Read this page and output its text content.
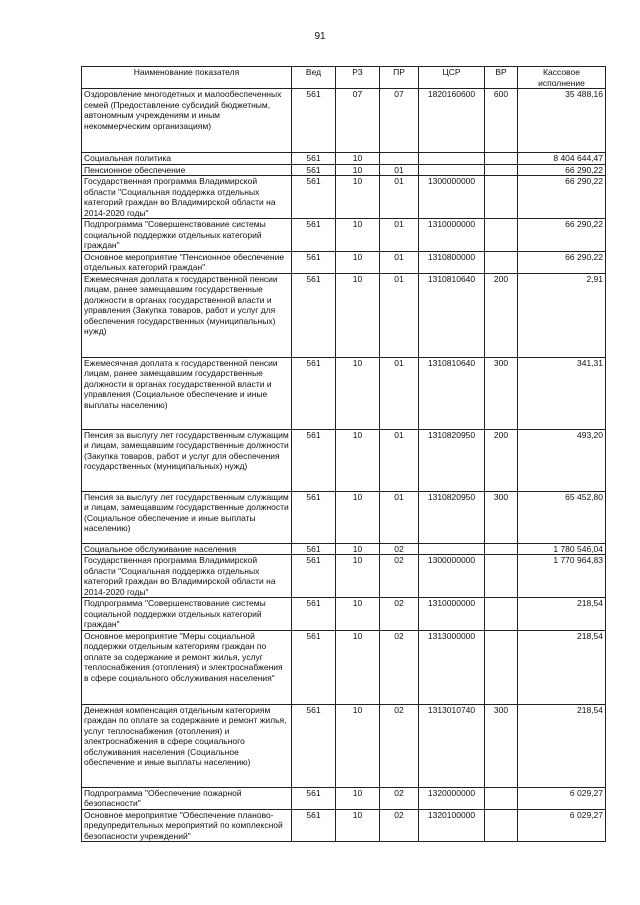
91
Наименование показателя	Вед	РЗ	ПР	ЦСР	ВР	Кассовое исполнение
Оздоровление многодетных и малообеспеченных семей (Предоставление субсидий бюджетным, автономным учреждениям и иным некоммерческим организациям)	561	07	07	1820160600	600	35 488,16
Социальная политика	561	10				8 404 644,47
Пенсионное обеспечение	561	10	01			66 290,22
Государственная программа Владимирской области "Социальная поддержка отдельных категорий граждан во Владимирской области на 2014-2020 годы"	561	10	01	1300000000		66 290,22
Подпрограмма "Совершенствование системы социальной поддержки отдельных категорий граждан"	561	10	01	1310000000		66 290,22
Основное мероприятие "Пенсионное обеспечение отдельных категорий граждан"	561	10	01	1310800000		66 290,22
Ежемесячная доплата к государственной пенсии лицам, ранее замещавшим государственные должности в органах государственной власти и управления (Закупка товаров, работ и услуг для обеспечения государственных (муниципальных) нужд)	561	10	01	1310810640	200	2,91
Ежемесячная доплата к государственной пенсии лицам, ранее замещавшим государственные должности в органах государственной власти и управления (Социальное обеспечение и иные выплаты населению)	561	10	01	1310810640	300	341,31
Пенсия за выслугу лет государственным служащим и лицам, замещавшим государственные должности (Закупка товаров, работ и услуг для обеспечения государственных (муниципальных) нужд)	561	10	01	1310820950	200	493,20
Пенсия за выслугу лет государственным служащим и лицам, замещавшим государственные должности (Социальное обеспечение и иные выплаты населению)	561	10	01	1310820950	300	65 452,80
Социальное обслуживание населения	561	10	02			1 780 546,04
Государственная программа Владимирской области "Социальная поддержка отдельных категорий граждан во Владимирской области на 2014-2020 годы"	561	10	02	1300000000		1 770 964,83
Подпрограмма "Совершенствование системы социальной поддержки отдельных категорий граждан"	561	10	02	1310000000		218,54
Основное мероприятие "Меры социальной поддержки отдельным категориям граждан по оплате за содержание и ремонт жилья, услуг теплоснабжения (отопления) и электроснабжения в сфере социального обслуживания населения"	561	10	02	1313000000		218,54
Денежная компенсация отдельным категориям граждан по оплате за содержание и ремонт жилья, услуг теплоснабжения (отопления) и электроснабжения в сфере социального обслуживания населения (Социальное обеспечение и иные выплаты населению)	561	10	02	1313010740	300	218,54
Подпрограмма "Обеспечение пожарной безопасности"	561	10	02	1320000000		6 029,27
Основное мероприятие "Обеспечение планово-предупредительных мероприятий по комплексной безопасности учреждений"	561	10	02	1320100000		6 029,27
